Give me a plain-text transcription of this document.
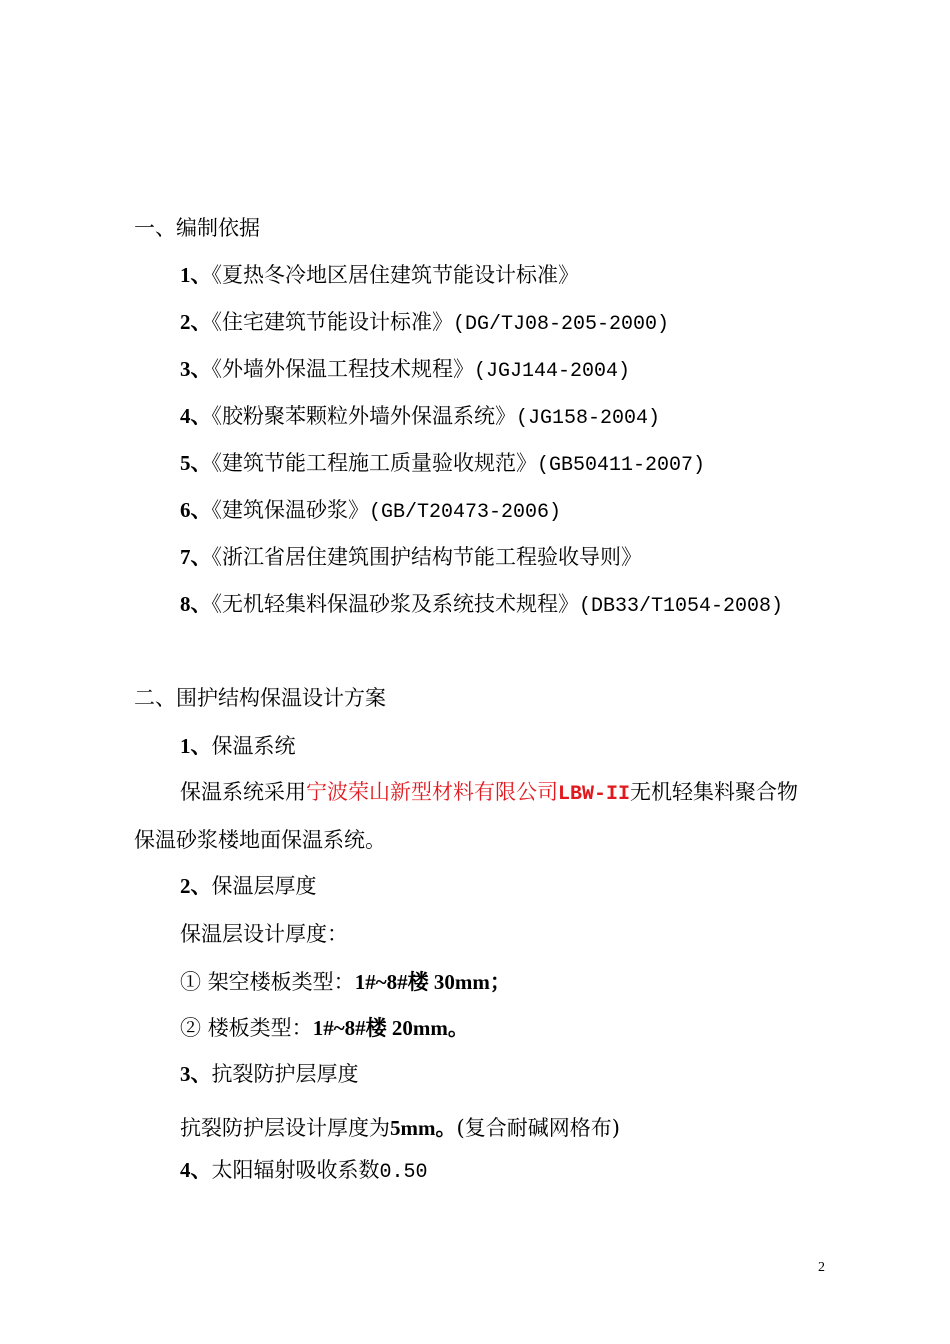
一、编制依据
1、《夏热冬冷地区居住建筑节能设计标准》
2、《住宅建筑节能设计标准》(DG/TJ08-205-2000)
3、《外墙外保温工程技术规程》(JGJ144-2004)
4、《胶粉聚苯颗粒外墙外保温系统》(JG158-2004)
5、《建筑节能工程施工质量验收规范》(GB50411-2007)
6、《建筑保温砂浆》(GB/T20473-2006)
7、《浙江省居住建筑围护结构节能工程验收导则》
8、《无机轻集料保温砂浆及系统技术规程》(DB33/T1054-2008)
二、围护结构保温设计方案
1、保温系统
保温系统采用宁波荣山新型材料有限公司LBW-II无机轻集料聚合物
保温砂浆楼地面保温系统。
2、保温层厚度
保温层设计厚度：
① 架空楼板类型：1#~8#楼 30mm；
② 楼板类型：1#~8#楼 20mm。
3、抗裂防护层厚度
抗裂防护层设计厚度为5mm。(复合耐碱网格布)
4、太阳辐射吸收系数0.50
2
